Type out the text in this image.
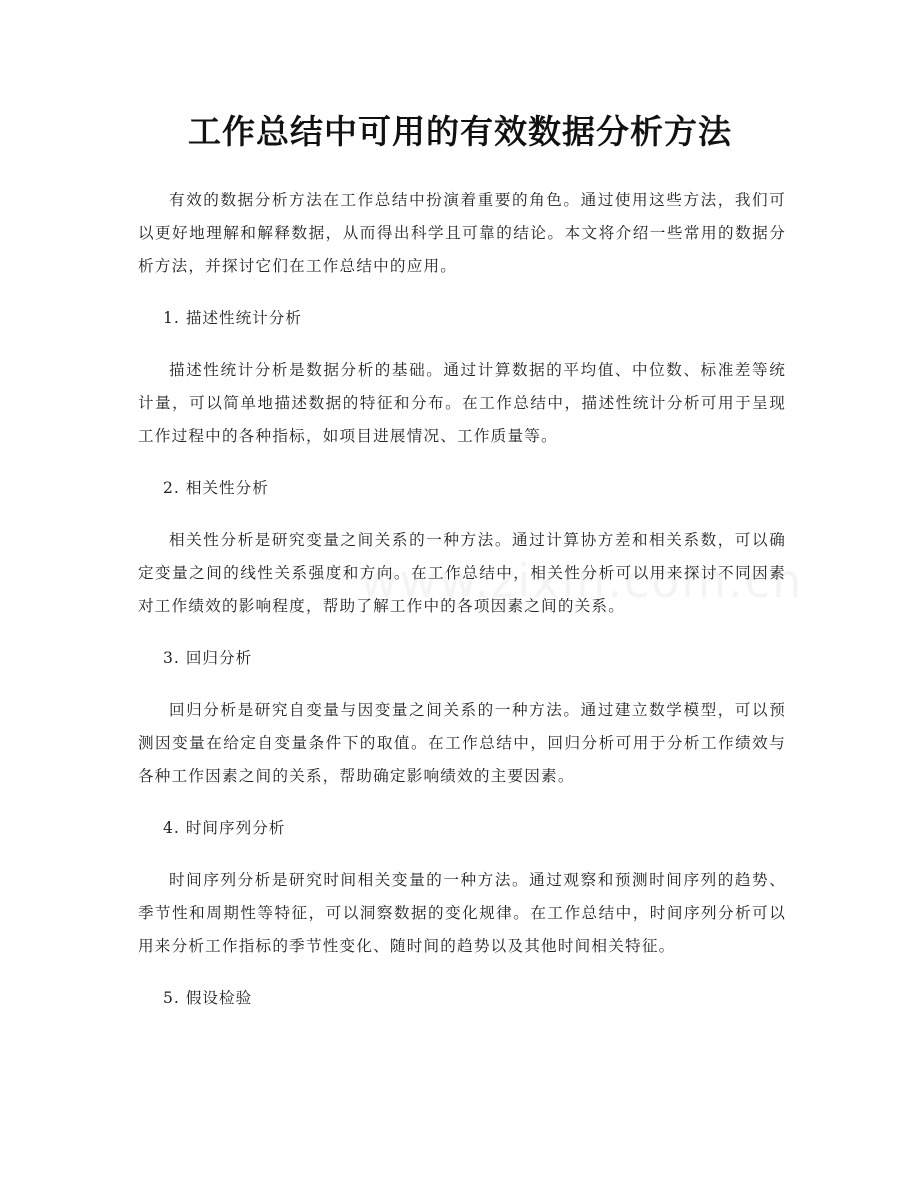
工作总结中可用的有效数据分析方法

有效的数据分析方法在工作总结中扮演着重要的角色。通过使用这些方法，我们可以更好地理解和解释数据，从而得出科学且可靠的结论。本文将介绍一些常用的数据分析方法，并探讨它们在工作总结中的应用。

1. 描述性统计分析

描述性统计分析是数据分析的基础。通过计算数据的平均值、中位数、标准差等统计量，可以简单地描述数据的特征和分布。在工作总结中，描述性统计分析可用于呈现工作过程中的各种指标，如项目进展情况、工作质量等。

2. 相关性分析

相关性分析是研究变量之间关系的一种方法。通过计算协方差和相关系数，可以确定变量之间的线性关系强度和方向。在工作总结中，相关性分析可以用来探讨不同因素对工作绩效的影响程度，帮助了解工作中的各项因素之间的关系。

3. 回归分析

回归分析是研究自变量与因变量之间关系的一种方法。通过建立数学模型，可以预测因变量在给定自变量条件下的取值。在工作总结中，回归分析可用于分析工作绩效与各种工作因素之间的关系，帮助确定影响绩效的主要因素。

4. 时间序列分析

时间序列分析是研究时间相关变量的一种方法。通过观察和预测时间序列的趋势、季节性和周期性等特征，可以洞察数据的变化规律。在工作总结中，时间序列分析可以用来分析工作指标的季节性变化、随时间的趋势以及其他时间相关特征。

5. 假设检验
